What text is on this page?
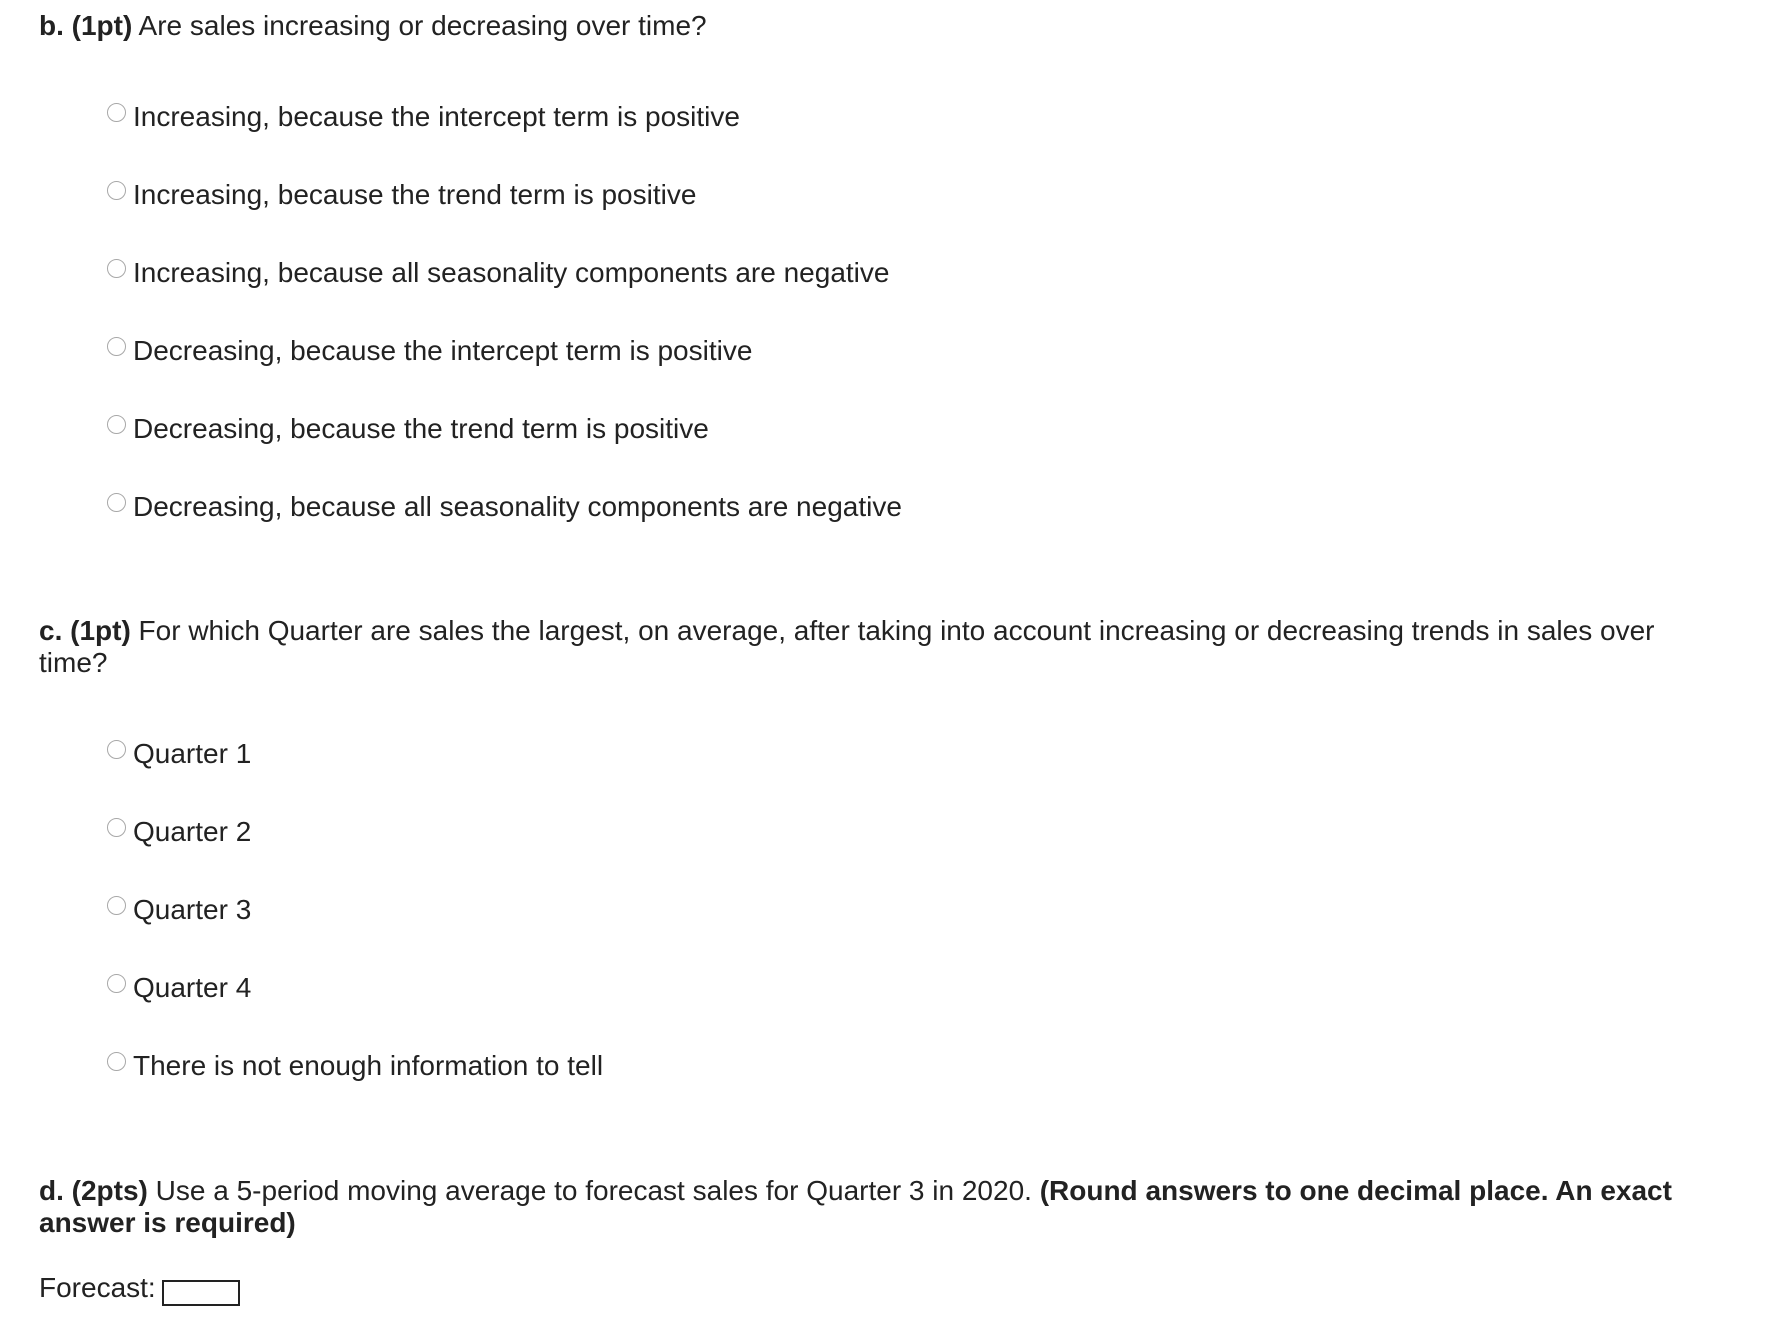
b. (1pt) Are sales increasing or decreasing over time?
Increasing, because the intercept term is positive
Increasing, because the trend term is positive
Increasing, because all seasonality components are negative
Decreasing, because the intercept term is positive
Decreasing, because the trend term is positive
Decreasing, because all seasonality components are negative
c. (1pt) For which Quarter are sales the largest, on average, after taking into account increasing or decreasing trends in sales over time?
Quarter 1
Quarter 2
Quarter 3
Quarter 4
There is not enough information to tell
d. (2pts) Use a 5-period moving average to forecast sales for Quarter 3 in 2020. (Round answers to one decimal place. An exact answer is required)
Forecast:
